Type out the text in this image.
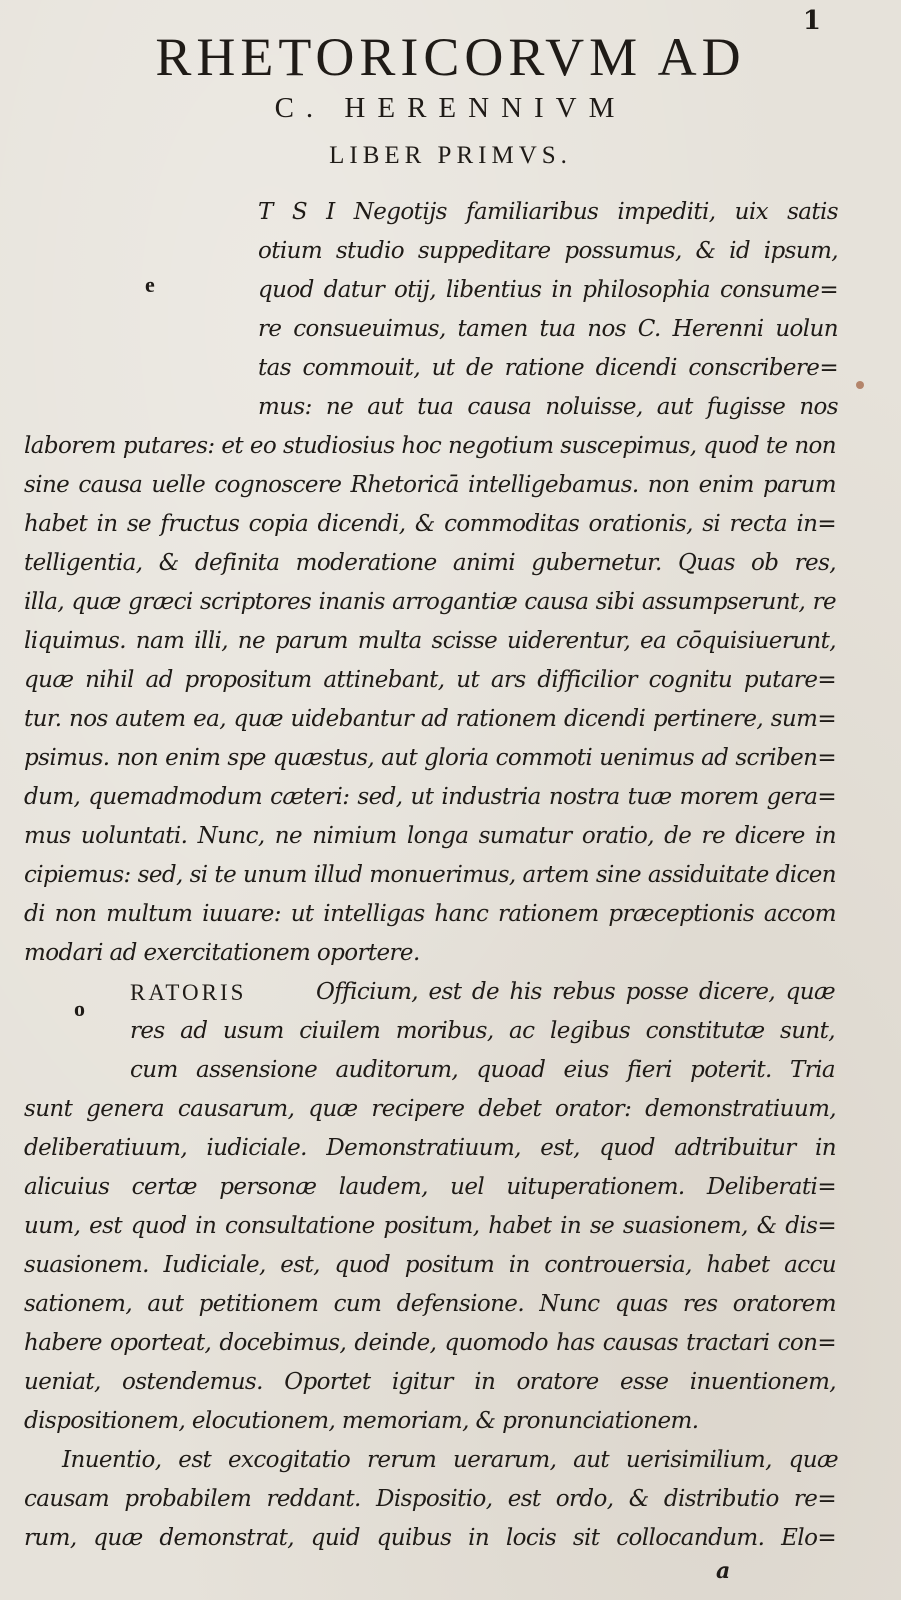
1
RHETORICORVM AD
C. HERENNIVM
LIBER PRIMVS.
e
o
T S I Negotijs familiaribus impediti, uix satis
otium studio suppeditare possumus, & id ipsum,
quod datur otij, libentius in philosophia consume=
re consueuimus, tamen tua nos C. Herenni uolun
tas commouit, ut de ratione dicendi conscribere=
mus: ne aut tua causa noluisse, aut fugisse nos
laborem putares: et eo studiosius hoc negotium suscepimus, quod te non
sine causa uelle cognoscere Rhetoricā intelligebamus. non enim parum
habet in se fructus copia dicendi, & commoditas orationis, si recta in=
telligentia, & definita moderatione animi gubernetur. Quas ob res,
illa, quæ græci scriptores inanis arrogantiæ causa sibi assumpserunt, re
liquimus. nam illi, ne parum multa scisse uiderentur, ea cōquisiuerunt,
quæ nihil ad propositum attinebant, ut ars difficilior cognitu putare=
tur. nos autem ea, quæ uidebantur ad rationem dicendi pertinere, sum=
psimus. non enim spe quæstus, aut gloria commoti uenimus ad scriben=
dum, quemadmodum cæteri: sed, ut industria nostra tuæ morem gera=
mus uoluntati. Nunc, ne nimium longa sumatur oratio, de re dicere in
cipiemus: sed, si te unum illud monuerimus, artem sine assiduitate dicen
di non multum iuuare: ut intelligas hanc rationem præceptionis accom
modari ad exercitationem oportere.
RATORIS	Officium, est de his rebus posse dicere, quæ
res ad usum ciuilem moribus, ac legibus constitutæ sunt,
cum assensione auditorum, quoad eius fieri poterit. Tria
sunt genera causarum, quæ recipere debet orator: demonstratiuum,
deliberatiuum, iudiciale. Demonstratiuum, est, quod adtribuitur in
alicuius certæ personæ laudem, uel uituperationem. Deliberati=
uum, est quod in consultatione positum, habet in se suasionem, & dis=
suasionem. Iudiciale, est, quod positum in controuersia, habet accu
sationem, aut petitionem cum defensione. Nunc quas res oratorem
habere oporteat, docebimus, deinde, quomodo has causas tractari con=
ueniat, ostendemus. Oportet igitur in oratore esse inuentionem,
dispositionem, elocutionem, memoriam, & pronunciationem.
Inuentio, est excogitatio rerum uerarum, aut uerisimilium, quæ
causam probabilem reddant. Dispositio, est ordo, & distributio re=
rum, quæ demonstrat, quid quibus in locis sit collocandum. Elo=
a
